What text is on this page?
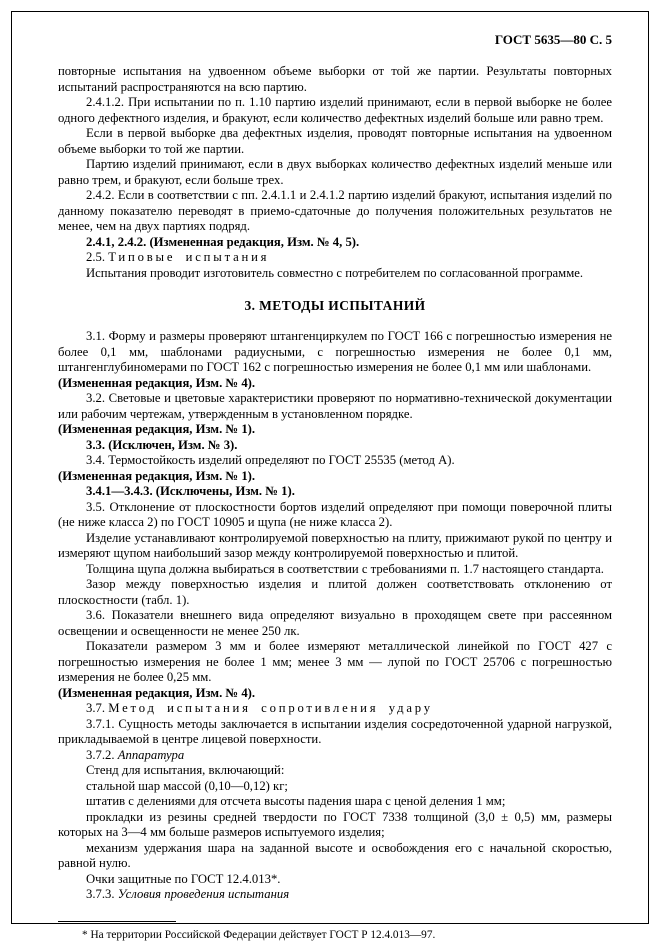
ГОСТ 5635—80 С. 5

повторные испытания на удвоенном объеме выборки от той же партии. Результаты повторных испытаний распространяются на всю партию.

2.4.1.2. При испытании по п. 1.10 партию изделий принимают, если в первой выборке не более одного дефектного изделия, и бракуют, если количество дефектных изделий больше или равно трем.

Если в первой выборке два дефектных изделия, проводят повторные испытания на удвоенном объеме выборки то той же партии.

Партию изделий принимают, если в двух выборках количество дефектных изделий меньше или равно трем, и бракуют, если больше трех.

2.4.2. Если в соответствии с пп. 2.4.1.1 и 2.4.1.2 партию изделий бракуют, испытания изделий по данному показателю переводят в приемо-сдаточные до получения положительных результатов не менее, чем на двух партиях подряд.

2.4.1, 2.4.2. (Измененная редакция, Изм. № 4, 5).

2.5. Типовые испытания

Испытания проводит изготовитель совместно с потребителем по согласованной программе.

3. МЕТОДЫ ИСПЫТАНИЙ

3.1. Форму и размеры проверяют штангенциркулем по ГОСТ 166 с погрешностью измерения не более 0,1 мм, шаблонами радиусными, с погрешностью измерения не более 0,1 мм, штангенглубиномерами по ГОСТ 162 с погрешностью измерения не более 0,1 мм или шаблонами.

(Измененная редакция, Изм. № 4).

3.2. Световые и цветовые характеристики проверяют по нормативно-технической документации или рабочим чертежам, утвержденным в установленном порядке.

(Измененная редакция, Изм. № 1).

3.3. (Исключен, Изм. № 3).

3.4. Термостойкость изделий определяют по ГОСТ 25535 (метод А).

(Измененная редакция, Изм. № 1).

3.4.1—3.4.3. (Исключены, Изм. № 1).

3.5. Отклонение от плоскостности бортов изделий определяют при помощи поверочной плиты (не ниже класса 2) по ГОСТ 10905 и щупа (не ниже класса 2).

Изделие устанавливают контролируемой поверхностью на плиту, прижимают рукой по центру и измеряют щупом наибольший зазор между контролируемой поверхностью и плитой.

Толщина щупа должна выбираться в соответствии с требованиями п. 1.7 настоящего стандарта.

Зазор между поверхностью изделия и плитой должен соответствовать отклонению от плоскостности (табл. 1).

3.6. Показатели внешнего вида определяют визуально в проходящем свете при рассеянном освещении и освещенности не менее 250 лк.

Показатели размером 3 мм и более измеряют металлической линейкой по ГОСТ 427 с погрешностью измерения не более 1 мм; менее 3 мм — лупой по ГОСТ 25706 с погрешностью измерения не более 0,25 мм.

(Измененная редакция, Изм. № 4).

3.7. Метод испытания сопротивления удару

3.7.1. Сущность методы заключается в испытании изделия сосредоточенной ударной нагрузкой, прикладываемой в центре лицевой поверхности.

3.7.2. Аппаратура

Стенд для испытания, включающий:

стальной шар массой (0,10—0,12) кг;

штатив с делениями для отсчета высоты падения шара с ценой деления 1 мм;

прокладки из резины средней твердости по ГОСТ 7338 толщиной (3,0 ± 0,5) мм, размеры которых на 3—4 мм больше размеров испытуемого изделия;

механизм удержания шара на заданной высоте и освобождения его с начальной скоростью, равной нулю.

Очки защитные по ГОСТ 12.4.013*.

3.7.3. Условия проведения испытания

* На территории Российской Федерации действует ГОСТ Р 12.4.013—97.
